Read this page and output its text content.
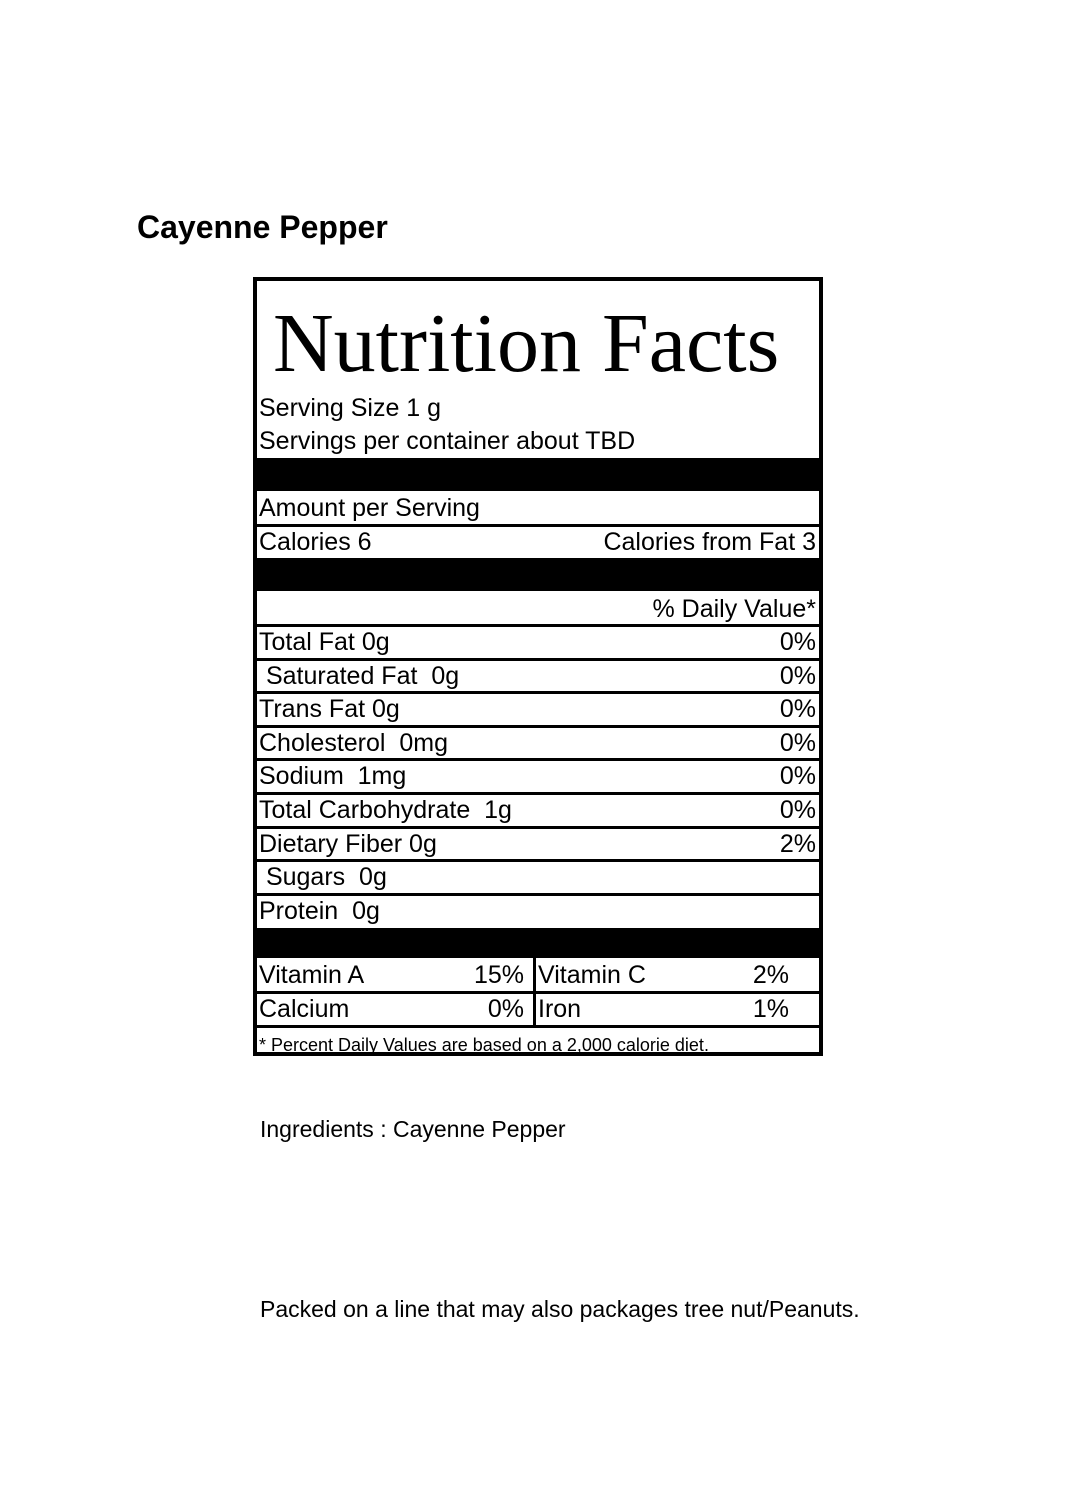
Cayenne Pepper
Nutrition Facts
Serving Size 1 g
Servings per container about TBD
Amount per Serving
Calories 6	Calories from Fat 3
% Daily Value*
Total Fat 0g	0%
Saturated Fat  0g	0%
Trans Fat 0g	0%
Cholesterol  0mg	0%
Sodium  1mg	0%
Total Carbohydrate  1g	0%
Dietary Fiber 0g	2%
Sugars  0g
Protein  0g
Vitamin A	15% Vitamin C	2%
Calcium	0% Iron	1%
* Percent Daily Values are based on a 2,000 calorie diet.
Ingredients : Cayenne Pepper
Packed on a line that may also packages tree nut/Peanuts.
